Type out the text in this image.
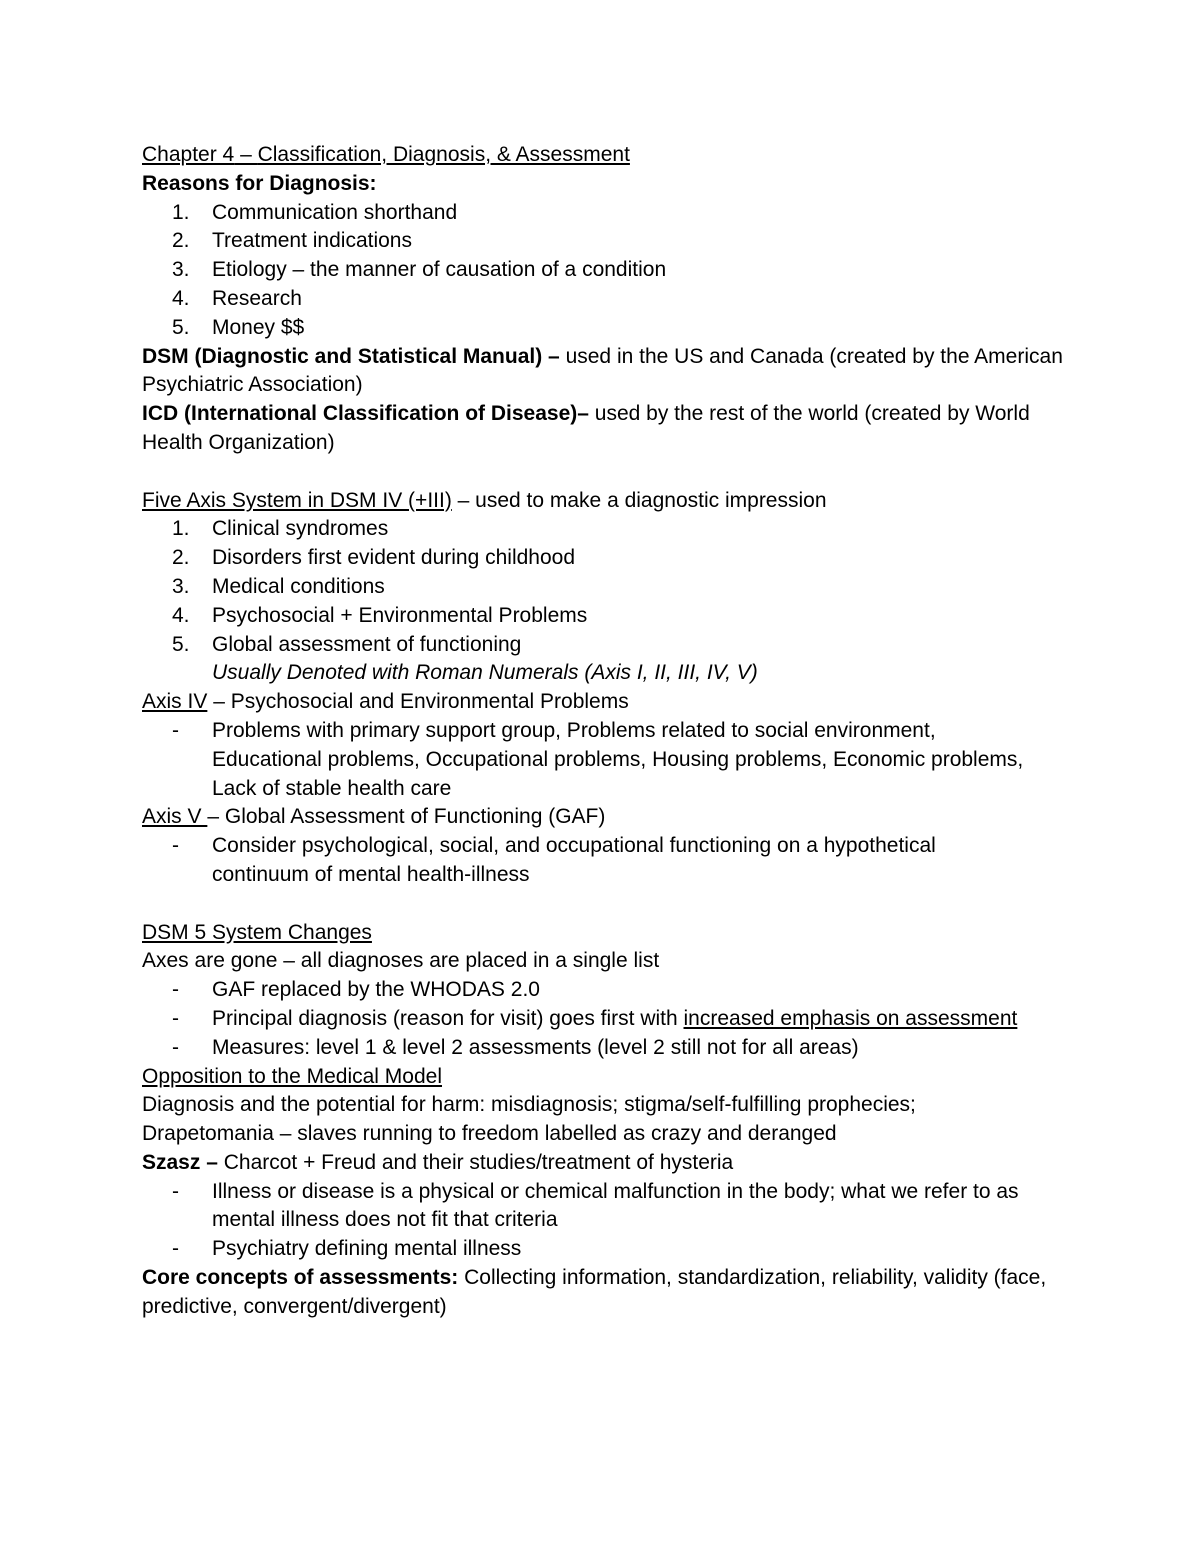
Chapter 4 – Classification, Diagnosis, & Assessment
Reasons for Diagnosis:
1.	Communication shorthand
2.	Treatment indications
3.	Etiology – the manner of causation of a condition
4.	Research
5.	Money $$
DSM (Diagnostic and Statistical Manual) – used in the US and Canada (created by the American
Psychiatric Association)
ICD (International Classification of Disease)– used by the rest of the world (created by World
Health Organization)
Five Axis System in DSM IV (+III) – used to make a diagnostic impression
1.	Clinical syndromes
2.	Disorders first evident during childhood
3.	Medical conditions
4.	Psychosocial + Environmental Problems
5.	Global assessment of functioning
Usually Denoted with Roman Numerals (Axis I, II, III, IV, V)
Axis IV – Psychosocial and Environmental Problems
-	Problems with primary support group, Problems related to social environment,
Educational problems, Occupational problems, Housing problems, Economic problems,
Lack of stable health care
Axis V – Global Assessment of Functioning (GAF)
-	Consider psychological, social, and occupational functioning on a hypothetical
continuum of mental health-illness
DSM 5 System Changes
Axes are gone – all diagnoses are placed in a single list
-	GAF replaced by the WHODAS 2.0
-	Principal diagnosis (reason for visit) goes first with increased emphasis on assessment
-	Measures: level 1 & level 2 assessments (level 2 still not for all areas)
Opposition to the Medical Model
Diagnosis and the potential for harm: misdiagnosis; stigma/self-fulfilling prophecies;
Drapetomania – slaves running to freedom labelled as crazy and deranged
Szasz – Charcot + Freud and their studies/treatment of hysteria
-	Illness or disease is a physical or chemical malfunction in the body; what we refer to as
mental illness does not fit that criteria
-	Psychiatry defining mental illness
Core concepts of assessments: Collecting information, standardization, reliability, validity (face,
predictive, convergent/divergent)
